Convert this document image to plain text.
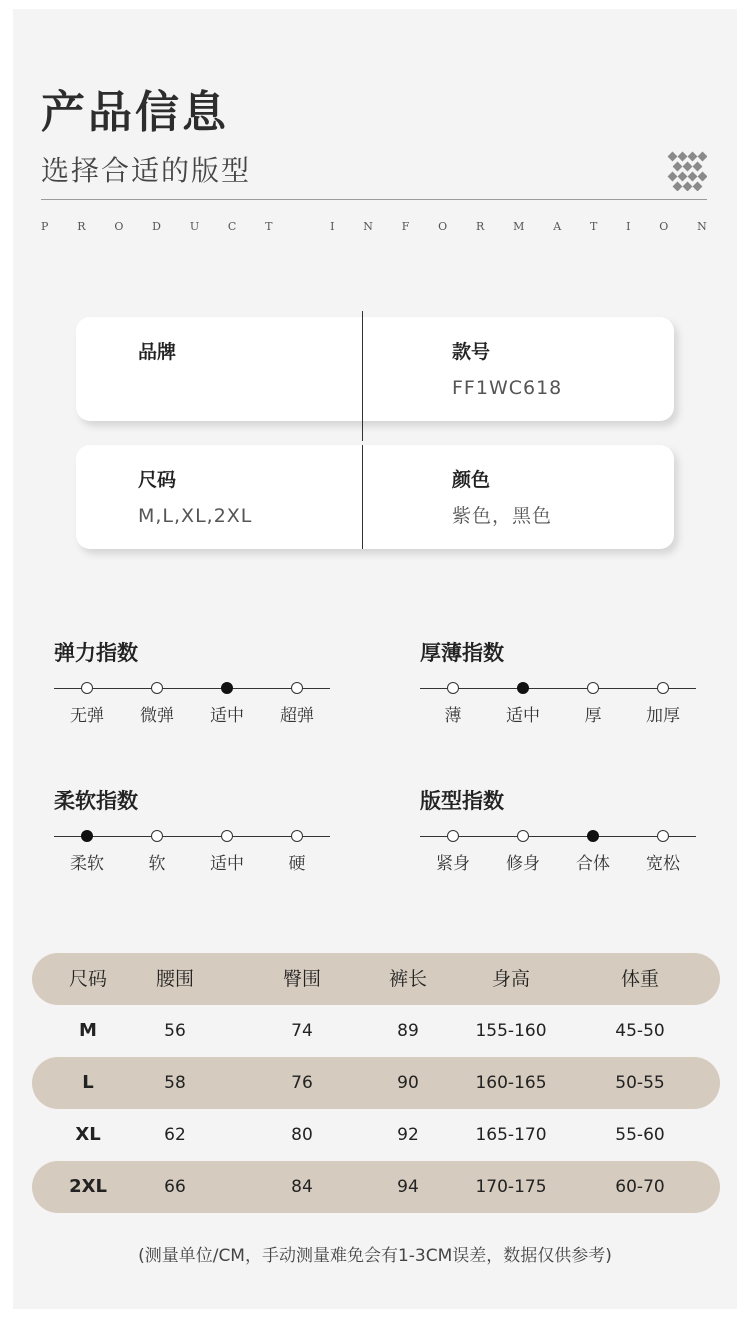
产品信息
选择合适的版型
P	R	O	D	U	C	T	I	N	F	O	R	M	A	T	I	O	N
品牌	款号
FF1WC618
尺码
M,L,XL,2XL
颜色
紫色，黑色
弹力指数
无弹	微弹	适中	超弹
厚薄指数
薄	适中	厚	加厚
柔软指数
柔软	软	适中	硬
版型指数
紧身	修身	合体	宽松
尺码	腰围	臀围	裤长	身高	体重
M	56	74	89	155-160	45-50
L	58	76	90	160-165	50-55
XL	62	80	92	165-170	55-60
2XL	66	84	94	170-175	60-70
(测量单位/CM，手动测量难免会有1-3CM误差，数据仅供参考)
